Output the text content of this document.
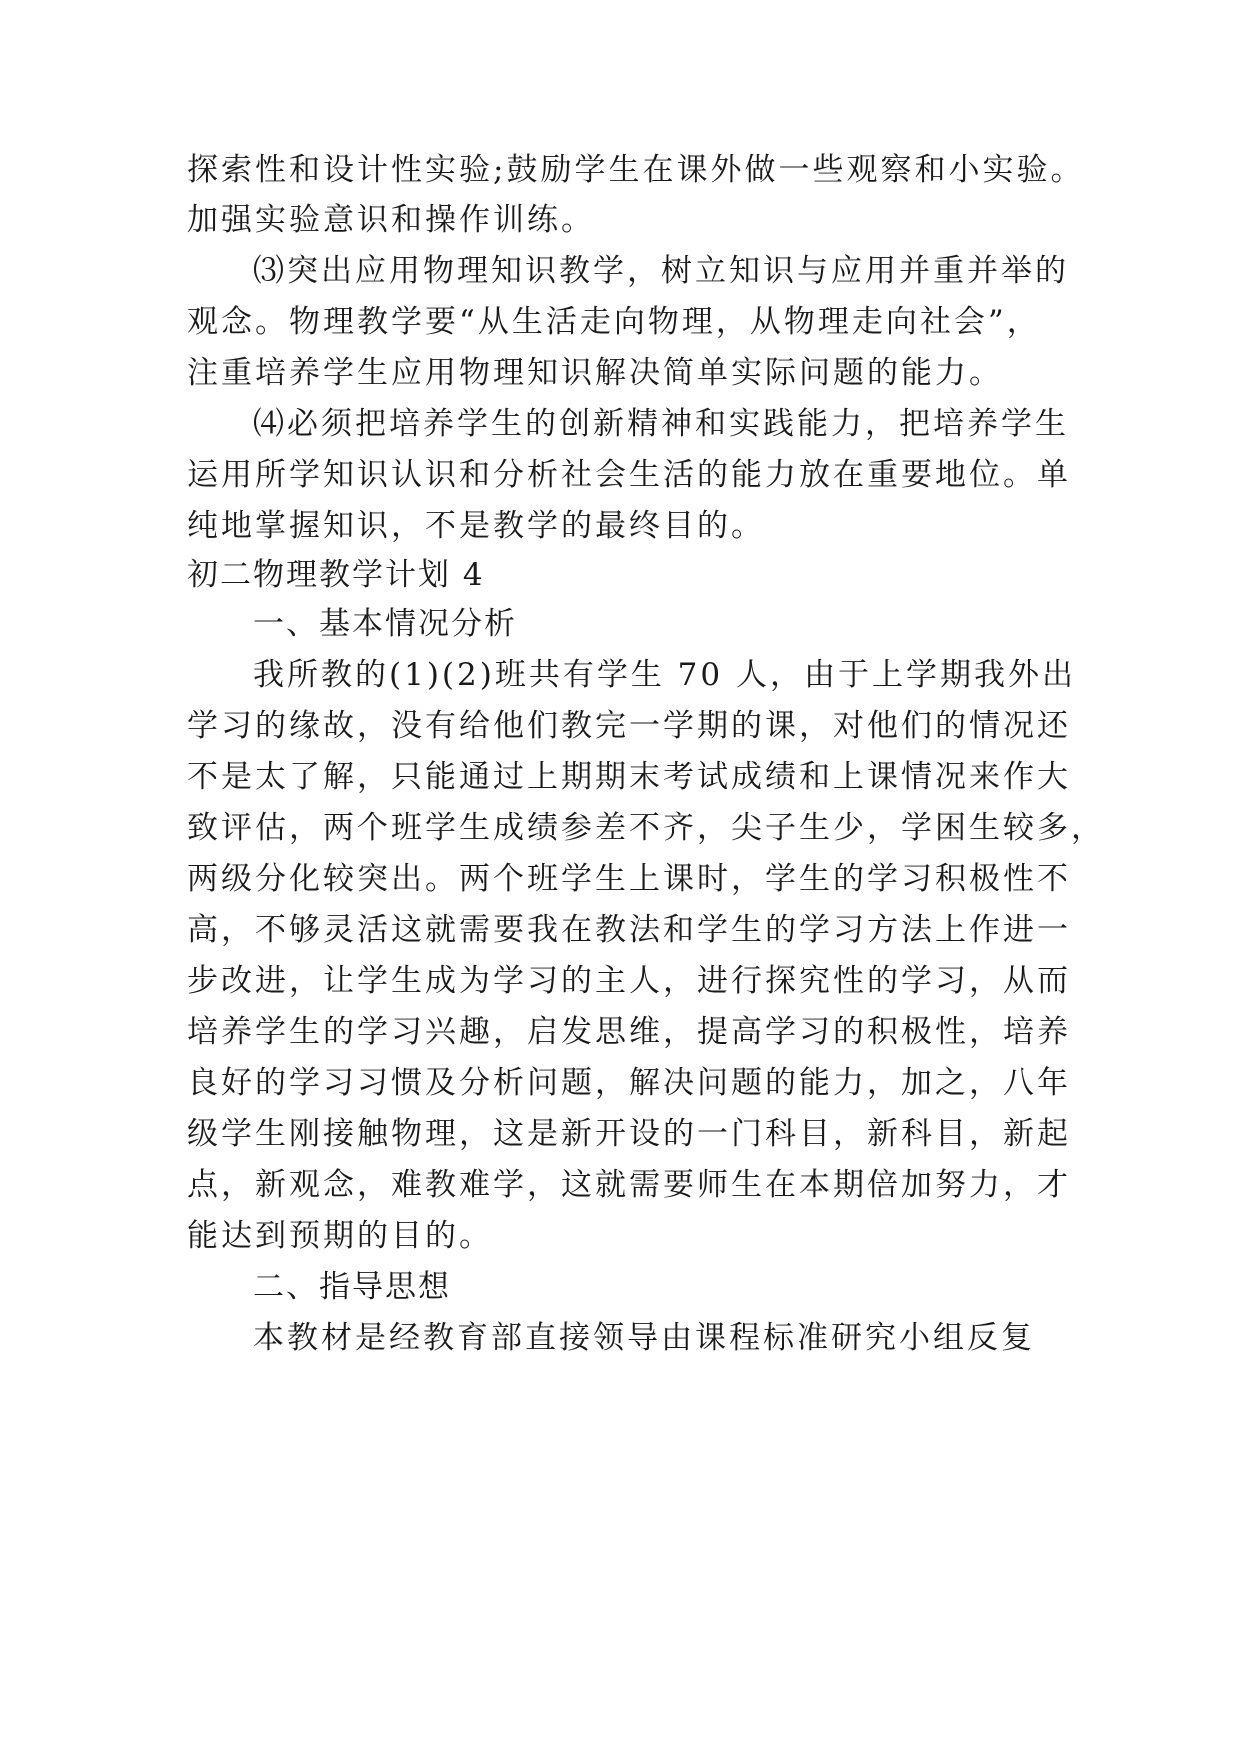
探索性和设计性实验;鼓励学生在课外做一些观察和小实验。

加强实验意识和操作训练。

⑶突出应用物理知识教学，树立知识与应用并重并举的

观念。物理教学要“从生活走向物理，从物理走向社会”，

注重培养学生应用物理知识解决简单实际问题的能力。

⑷必须把培养学生的创新精神和实践能力，把培养学生

运用所学知识认识和分析社会生活的能力放在重要地位。单

纯地掌握知识，不是教学的最终目的。

初二物理教学计划 4

一、基本情况分析

我所教的(1)(2)班共有学生 70 人，由于上学期我外出

学习的缘故，没有给他们教完一学期的课，对他们的情况还

不是太了解，只能通过上期期末考试成绩和上课情况来作大

致评估，两个班学生成绩参差不齐，尖子生少，学困生较多，

两级分化较突出。两个班学生上课时，学生的学习积极性不

高，不够灵活这就需要我在教法和学生的学习方法上作进一

步改进，让学生成为学习的主人，进行探究性的学习，从而

培养学生的学习兴趣，启发思维，提高学习的积极性，培养

良好的学习习惯及分析问题，解决问题的能力，加之，八年

级学生刚接触物理，这是新开设的一门科目，新科目，新起

点，新观念，难教难学，这就需要师生在本期倍加努力，才

能达到预期的目的。

二、指导思想

本教材是经教育部直接领导由课程标准研究小组反复
